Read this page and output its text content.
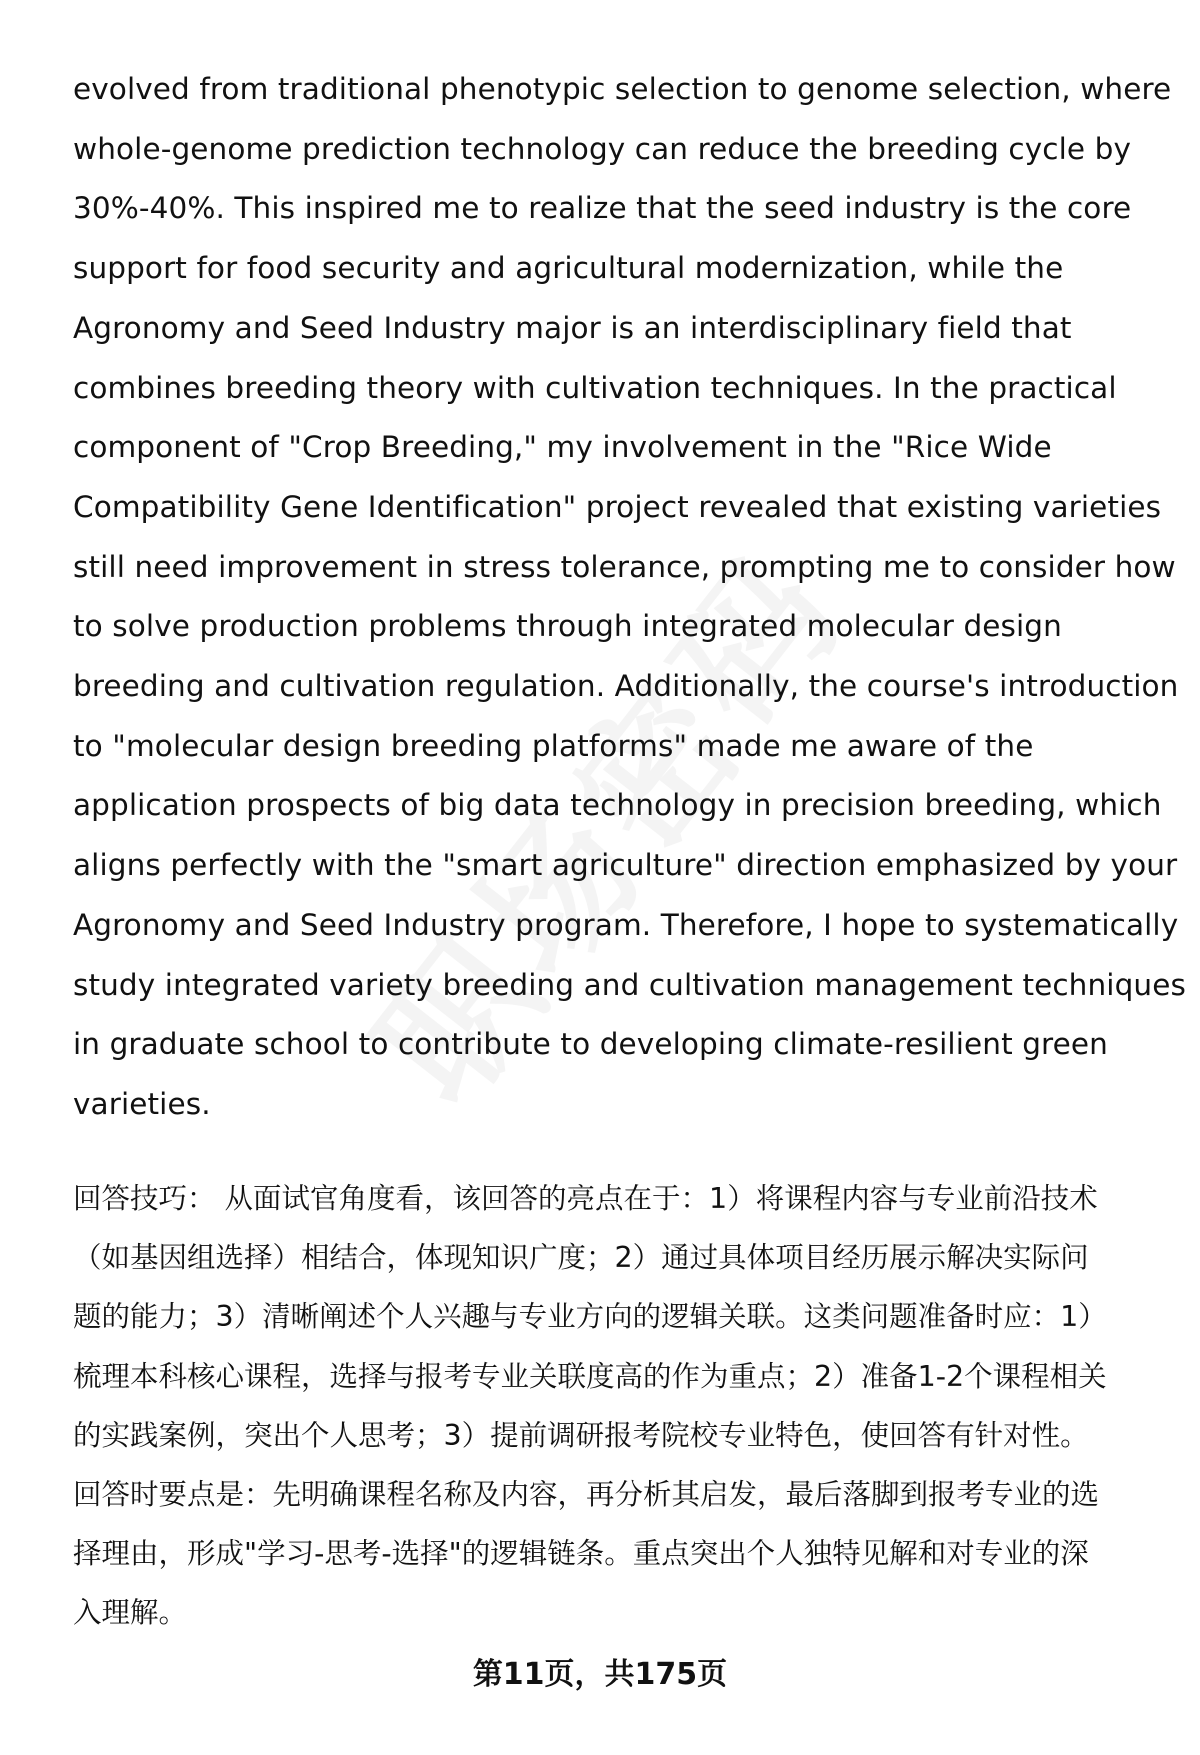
evolved from traditional phenotypic selection to genome selection, where
whole-genome prediction technology can reduce the breeding cycle by
30%-40%. This inspired me to realize that the seed industry is the core
support for food security and agricultural modernization, while the
Agronomy and Seed Industry major is an interdisciplinary field that
combines breeding theory with cultivation techniques. In the practical
component of "Crop Breeding," my involvement in the "Rice Wide
Compatibility Gene Identification" project revealed that existing varieties
still need improvement in stress tolerance, prompting me to consider how
to solve production problems through integrated molecular design
breeding and cultivation regulation. Additionally, the course's introduction
to "molecular design breeding platforms" made me aware of the
application prospects of big data technology in precision breeding, which
aligns perfectly with the "smart agriculture" direction emphasized by your
Agronomy and Seed Industry program. Therefore, I hope to systematically
study integrated variety breeding and cultivation management techniques
in graduate school to contribute to developing climate-resilient green
varieties.

回答技巧： 从面试官角度看，该回答的亮点在于：1）将课程内容与专业前沿技术
（如基因组选择）相结合，体现知识广度；2）通过具体项目经历展示解决实际问
题的能力；3）清晰阐述个人兴趣与专业方向的逻辑关联。这类问题准备时应：1）
梳理本科核心课程，选择与报考专业关联度高的作为重点；2）准备1-2个课程相关
的实践案例，突出个人思考；3）提前调研报考院校专业特色，使回答有针对性。
回答时要点是：先明确课程名称及内容，再分析其启发，最后落脚到报考专业的选
择理由，形成"学习-思考-选择"的逻辑链条。重点突出个人独特见解和对专业的深
入理解。
第11页，共175页
